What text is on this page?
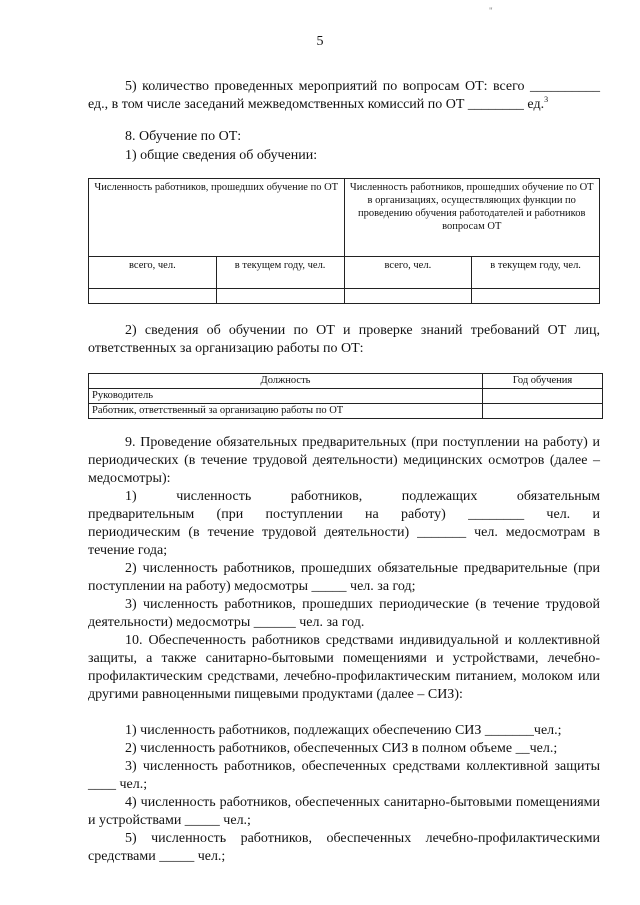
"
5

5) количество проведенных мероприятий по вопросам ОТ: всего __________ ед., в том числе заседаний межведомственных комиссий по ОТ ________ ед.$^3$

8. Обучение по ОТ:

1) общие сведения об обучении:

Численность работников, прошедших обучение по ОТ		Численность работников, прошедших обучение по ОТ в организациях, осуществляющих функции по проведению обучения работодателей и работников вопросам ОТ	
всего, чел.	в текущем году, чел.	всего, чел.	в текущем году, чел.

2) сведения об обучении по ОТ и проверке знаний требований ОТ лиц, ответственных за организацию работы по ОТ:

Должность	Год обучения
Руководитель	
Работник, ответственный за организацию работы по ОТ	

9. Проведение обязательных предварительных (при поступлении на работу) и периодических (в течение трудовой деятельности) медицинских осмотров (далее – медосмотры):

1) численность работников, подлежащих обязательным

предварительным (при поступлении на работу) ________ чел. и

периодическим (в течение трудовой деятельности) _______ чел. медосмотрам в течение года;

2) численность работников, прошедших обязательные предварительные (при поступлении на работу) медосмотры _____ чел. за год;

3) численность работников, прошедших периодические (в течение трудовой деятельности) медосмотры ______ чел. за год.

10. Обеспеченность работников средствами индивидуальной и коллективной защиты, а также санитарно-бытовыми помещениями и устройствами, лечебно-профилактическим средствами, лечебно-профилактическим питанием, молоком или другими равноценными пищевыми продуктами (далее – СИЗ):

1) численность работников, подлежащих обеспечению СИЗ _______чел.;

2) численность работников, обеспеченных СИЗ в полном объеме __чел.;

3) численность работников, обеспеченных средствами коллективной защиты ____ чел.;

4) численность работников, обеспеченных санитарно-бытовыми помещениями и устройствами _____ чел.;

5) численность работников, обеспеченных лечебно-профилактическими средствами _____ чел.;
